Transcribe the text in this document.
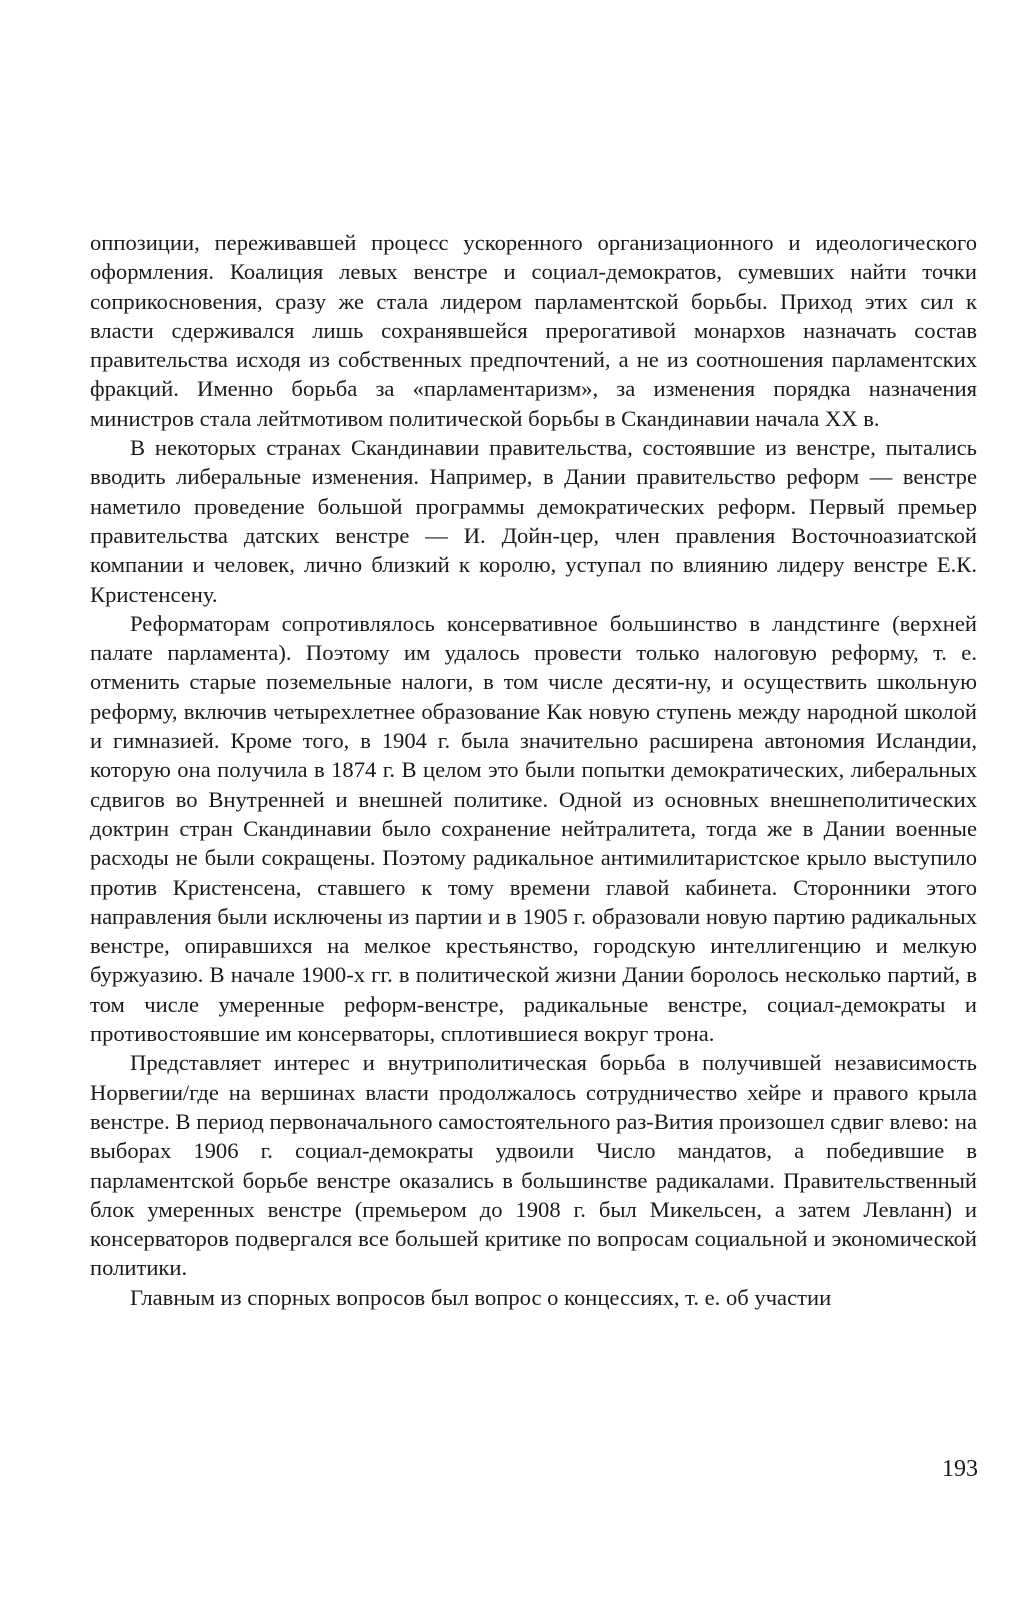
оппозиции, переживавшей процесс ускоренного организационного и идеологического оформления. Коалиция левых венстре и социал-демократов, сумевших найти точки соприкосновения, сразу же стала лидером парламентской борьбы. Приход этих сил к власти сдерживался лишь сохранявшейся прерогативой монархов назначать состав правительства исходя из собственных предпочтений, а не из соотношения парламентских фракций. Именно борьба за «парламентаризм», за изменения порядка назначения министров стала лейтмотивом политической борьбы в Скандинавии начала XX в.

В некоторых странах Скандинавии правительства, состоявшие из венстре, пытались вводить либеральные изменения. Например, в Дании правительство реформ — венстре наметило проведение большой программы демократических реформ. Первый премьер правительства датских венстре — И. Дойн-цер, член правления Восточноазиатской компании и человек, лично близкий к королю, уступал по влиянию лидеру венстре Е.К. Кристенсену.

Реформаторам сопротивлялось консервативное большинство в ландстинге (верхней палате парламента). Поэтому им удалось провести только налоговую реформу, т. е. отменить старые поземельные налоги, в том числе десяти-ну, и осуществить школьную реформу, включив четырехлетнее образование Как новую ступень между народной школой и гимназией. Кроме того, в 1904 г. была значительно расширена автономия Исландии, которую она получила в 1874 г. В целом это были попытки демократических, либеральных сдвигов во Внутренней и внешней политике. Одной из основных внешнеполитических доктрин стран Скандинавии было сохранение нейтралитета, тогда же в Дании военные расходы не были сокращены. Поэтому радикальное антимилитаристское крыло выступило против Кристенсена, ставшего к тому времени главой кабинета. Сторонники этого направления были исключены из партии и в 1905 г. образовали новую партию радикальных венстре, опиравшихся на мелкое крестьянство, городскую интеллигенцию и мелкую буржуазию. В начале 1900-х гг. в политической жизни Дании боролось несколько партий, в том числе умеренные реформ-венстре, радикальные венстре, социал-демократы и противостоявшие им консерваторы, сплотившиеся вокруг трона.

Представляет интерес и внутриполитическая борьба в получившей независимость Норвегии/где на вершинах власти продолжалось сотрудничество хейре и правого крыла венстре. В период первоначального самостоятельного раз-Вития произошел сдвиг влево: на выборах 1906 г. социал-демократы удвоили Число мандатов, а победившие в парламентской борьбе венстре оказались в большинстве радикалами. Правительственный блок умеренных венстре (премьером до 1908 г. был Микельсен, а затем Левланн) и консерваторов подвергался все большей критике по вопросам социальной и экономической политики.

Главным из спорных вопросов был вопрос о концессиях, т. е. об участии

193
